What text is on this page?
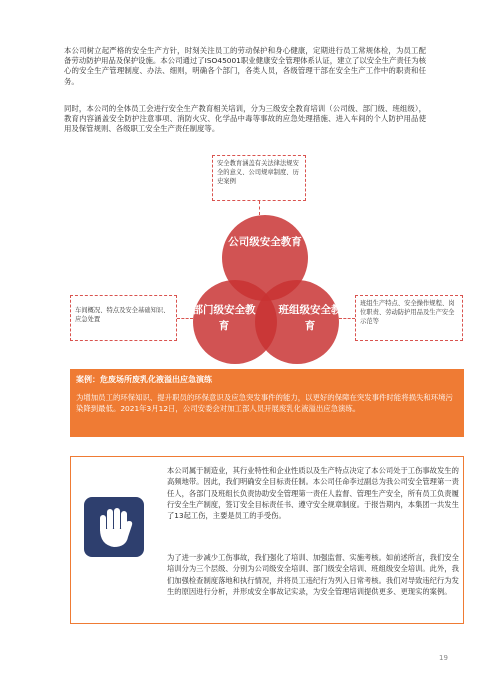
本公司树立起严格的安全生产方针，时刻关注员工的劳动保护和身心健康，定期进行员工常规体检，为员工配备劳动防护用品及保护设施。本公司通过了ISO45001职业健康安全管理体系认证，建立了以安全生产责任为核心的安全生产管理制度、办法、细则，明确各个部门，各类人员，各级管理干部在安全生产工作中的职责和任务。

同时，本公司的全体员工会进行安全生产教育相关培训，分为三级安全教育培训（公司级、部门级、班组级），教育内容涵盖安全防护注意事项、消防火灾、化学品中毒等事故的应急处理措施、进入车间的个人防护用品使用及保管规则、各级职工安全生产责任制度等。

安全教育涵盖有关法律法规安全的意义、公司规章制度、历史案例
车间概况、特点及安全基础知识、应急处置
班组生产特点、安全操作规程、岗位职责、劳动防护用品及生产安全示范等
公司级安全教育
部门级安全教育
班组级安全教育
案例：危废场所废乳化液溢出应急演练

为增加员工的环保知识、提升职员的环保意识及应急突发事件的能力，以更好的保障在突发事件时能将损失和环境污染降到最低。2021年3月12日，公司安委会对加工部人员开展废乳化液溢出应急演练。

本公司属于制造业，其行业特性和企业性质以及生产特点决定了本公司处于工伤事故发生的高频地带。因此，我们明确安全目标责任制。本公司任命李过副总为我公司安全管理第一责任人，各部门及班组长负责协助安全管理第一责任人监督、管理生产安全，所有员工负责履行安全生产制度，签订安全目标责任书、遵守安全规章制度。于报告期内，本集团一共发生了13起工伤，主要是员工的手受伤。

为了进一步减少工伤事故，我们强化了培训、加强监督、实施考核。如前述所言，我们安全培训分为三个层级、分别为公司级安全培训、部门级安全培训、班组级安全培训。此外，我们加强检查制度落地和执行情况，并将员工违纪行为列入日常考核。我们对导致违纪行为发生的原因进行分析，并形成安全事故记实录，为安全管理培训提供更多、更现实的案例。

19
